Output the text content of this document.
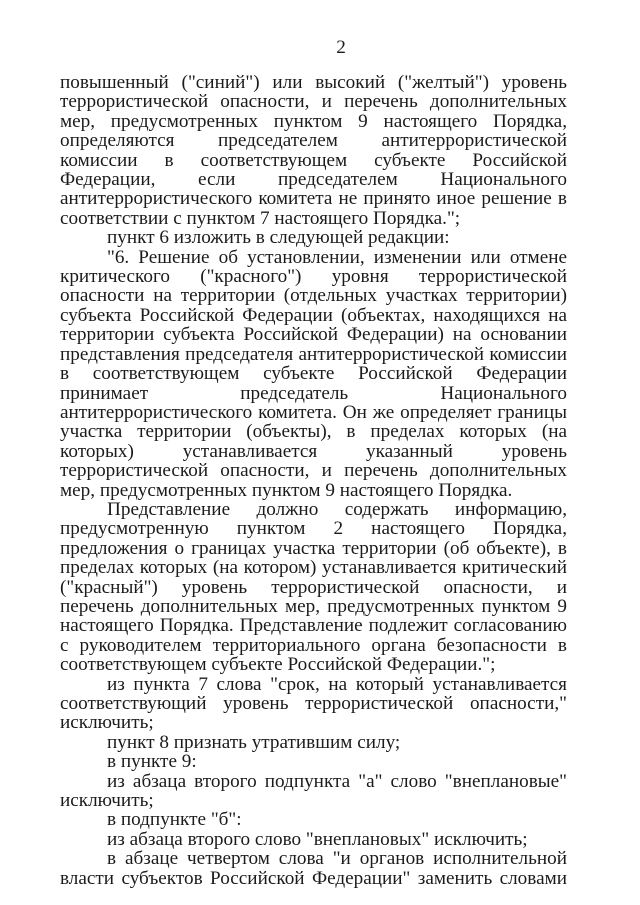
2

повышенный ("синий") или высокий ("желтый") уровень террористической опасности, и перечень дополнительных мер, предусмотренных пунктом 9 настоящего Порядка, определяются председателем антитеррористической комиссии в соответствующем субъекте Российской Федерации, если председателем Национального антитеррористического комитета не принято иное решение в соответствии с пунктом 7 настоящего Порядка.";

пункт 6 изложить в следующей редакции:

"6. Решение об установлении, изменении или отмене критического ("красного") уровня террористической опасности на территории (отдельных участках территории) субъекта Российской Федерации (объектах, находящихся на территории субъекта Российской Федерации) на основании представления председателя антитеррористической комиссии в соответствующем субъекте Российской Федерации принимает председатель Национального антитеррористического комитета. Он же определяет границы участка территории (объекты), в пределах которых (на которых) устанавливается указанный уровень террористической опасности, и перечень дополнительных мер, предусмотренных пунктом 9 настоящего Порядка.

Представление должно содержать информацию, предусмотренную пунктом 2 настоящего Порядка, предложения о границах участка территории (об объекте), в пределах которых (на котором) устанавливается критический ("красный") уровень террористической опасности, и перечень дополнительных мер, предусмотренных пунктом 9 настоящего Порядка. Представление подлежит согласованию с руководителем территориального органа безопасности в соответствующем субъекте Российской Федерации.";

из пункта 7 слова "срок, на который устанавливается соответствующий уровень террористической опасности," исключить;

пункт 8 признать утратившим силу;

в пункте 9:

из абзаца второго подпункта "а" слово "внеплановые" исключить;

в подпункте "б":

из абзаца второго слово "внеплановых" исключить;

в абзаце четвертом слова "и органов исполнительной власти субъектов Российской Федерации" заменить словами
